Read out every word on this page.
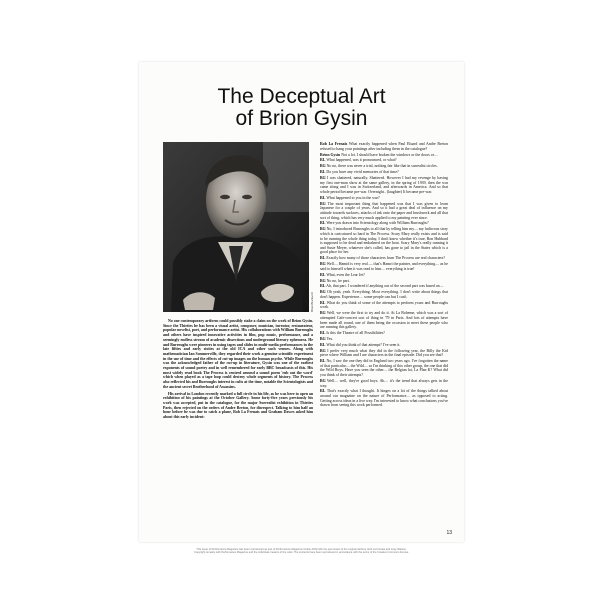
The Deceptual Art
of Brion Gysin
Brian Blackwell

No one contemporary artform could possibly stake a claim on the work of Brion Gysin. Since the Thirties he has been a visual artist, composer, musician, inventor, restaurateur, popular novelist, poet, and performance artist. His collaborations with William Burroughs and others have inspired innovative activities in film, pop music, performance, and a seemingly endless stream of academic dissections and underground literary ephemera. He and Burroughs were pioneers in using tapes and slides in multi-media performances in the late fifties and early sixties at the old ICA and other such venues. Along with mathematician Ian Sommerville, they regarded their work a genuine scientific experiment in the use of time and the effects of cut-up images on the human psyche. While Burroughs was the acknowledged father of the cut-up in literature, Gysin was one of the earliest exponents of sound poetry and in well remembered for early BBC broadcasts of this. His most widely read book The Process is centred around a sound poem 'rub out the word' which when played as a tape loop could destroy whole segments of history. The Process also reflected his and Burroughs interest in cults at the time, notable the Scientologists and the ancient secret Brotherhood of Assassins.

His arrival in London recently marked a full circle in his life, as he was here to open an exhibition of his paintings at the October Gallery. Some forty-five years previously his work was accepted, put in the catalogue, for the major Surrealist exhibition in Thirties Paris, then rejected on the orders of Andre Breton, for disrespect. Talking to him half an hour before he was due to catch a plane, Rob La Frenais and Graham Dawes asked him about this early incident:

Rob La Frenais What exactly happened when Paul Eluard and Andre Breton refused to hang your paintings after including them in the catalogue?
Brion Gysin Not a lot. I should have broken the windows or the doors or....
RL What happened, was it pronounced, or what?
BG No no, there was never a trial, nothing fair like that in surrealist circles.
RL Do you have any vivid memories of that time?
BG I was shattered, naturally. Shattered. However I had my revenge by having my first one-man show at the same gallery, in the spring of 1939, then the war came along and I was in Switzerland, and afterwards in America. And so that whole period became pre-war. Overnight.. (laughter) It became pre-war.
RL What happened to you in the war?
BG The most important thing that happened was that I was given to learn Japanese for a couple of years. And so it had a great deal of influence on my attitude towards surfaces, attacks of ink onto the paper and brushwork and all that sort of thing, which has very much applied to my painting ever since.
RL Were you drawn into Scientology along with William Burroughs?
BG No, I introduced Burroughs to all that by telling him my.... my ludicrous story which is caricatured so hard in The Process. Scary Mary really exists and is said to be running the whole thing today, I don't know whether it's true; Ron Hubbard is supposed to be dead and embalmed on the boat. Scary Mary's really running it and Susie Meyer, whatever she's called, has gone to jail in the States which is a good place for her.
RL Exactly how many of those characters from The Process are real characters?
BG Well.... Hamid is very real — that's Hamri the painter, and everything.... as he said to himself when it was read to him.... everything is true!
RL What, even the Lear Jet?
BG No no, he part.
RL Ah, that part. I wondered if anything out of the second part was based on....
BG Oh yeah, yeah. Everything. Most everything. I don't write about things that don't happen. Experience.... some people can but I can't.
RL What do you think of some of the attempts to perform yours and Burroughs work.
BG Well, we were the first to try and do it. At La Boheme, which was a sort of attempted Cafe-concert sort of thing in '79 in Paris. And lots of attempts have been made all round, one of them being the occasion to meet these people who are running this gallery.
RL Is this the Theatre of all Possibilities?
BG Yes.
RL What did you think of that attempt? I've seen it.
BG I prefer very much what they did in the following year, the Billy the Kid piece where William and I are characters in the final episode. Did you see that?
RL No, I saw the one they did in England two years ago. I've forgotten the name of that particular.... the Wild.... so I'm thinking of this other group, the one that did the Wild Boys. Have you seen the other.... the Belgian lot, La Plan K? What did you think of their attempts?
BG Well.... well, they're good boys. Ah.... it's the trend that always gets in the way.
RL That's exactly what I thought. It hinges on a lot of the things talked about around our magazine on the nature of Performance.... as opposed to acting. Getting across ideas in a live way. I'm interested to know what conclusions you've drawn from seeing this work performed.
13
This issue of Performance Magazine has been reproduced as part of Performance Magazine Online 2019 with the permission of the original authors. Rob La Frenais and Gray Watson.
Copyright remains with Performance Magazine and the individual creators of the work. The contents have been reproduced in accordance with the terms of the Creative Commons license.
